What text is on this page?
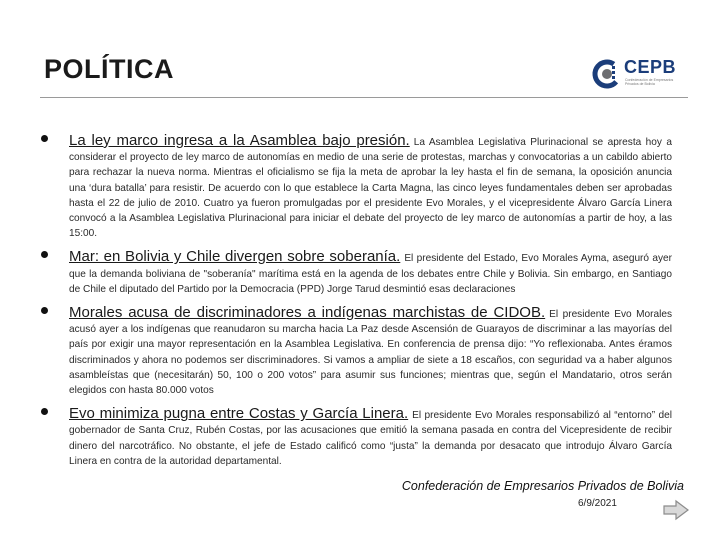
POLÍTICA	CEPB
Confederación de Empresarios Privados de Bolivia
La ley marco ingresa a la Asamblea bajo presión. La Asamblea Legislativa Plurinacional se apresta hoy a considerar el proyecto de ley marco de autonomías en medio de una serie de protestas, marchas y convocatorias a un cabildo abierto para rechazar la nueva norma. Mientras el oficialismo se fija la meta de aprobar la ley hasta el fin de semana, la oposición anuncia una ‘dura batalla’ para resistir. De acuerdo con lo que establece la Carta Magna, las cinco leyes fundamentales deben ser aprobadas hasta el 22 de julio de 2010. Cuatro ya fueron promulgadas por el presidente Evo Morales, y el vicepresidente Álvaro García Linera convocó a la Asamblea Legislativa Plurinacional para iniciar el debate del proyecto de ley marco de autonomías a partir de hoy, a las 15:00.
Mar: en Bolivia y Chile divergen sobre soberanía. El presidente del Estado, Evo Morales Ayma, aseguró ayer que la demanda boliviana de "soberanía" marítima está en la agenda de los debates entre Chile y Bolivia. Sin embargo, en Santiago de Chile el diputado del Partido por la Democracia (PPD) Jorge Tarud desmintió esas declaraciones
Morales acusa de discriminadores a indígenas marchistas de CIDOB. El presidente Evo Morales acusó ayer a los indígenas que reanudaron su marcha hacia La Paz desde Ascensión de Guarayos de discriminar a las mayorías del país por exigir una mayor representación en la Asamblea Legislativa. En conferencia de prensa dijo: “Yo reflexionaba. Antes éramos discriminados y ahora no podemos ser discriminadores. Si vamos a ampliar de siete a 18 escaños, con seguridad va a haber algunos asambleístas que (necesitarán) 50, 100 o 200 votos” para asumir sus funciones; mientras que, según el Mandatario, otros serán elegidos con hasta 80.000 votos
Evo minimiza pugna entre Costas y García Linera. El presidente Evo Morales responsabilizó al “entorno” del gobernador de Santa Cruz, Rubén Costas, por las acusaciones que emitió la semana pasada en contra del Vicepresidente de recibir dinero del narcotráfico. No obstante, el jefe de Estado calificó como “justa” la demanda por desacato que introdujo Álvaro García Linera en contra de la autoridad departamental.
Confederación de Empresarios Privados de Bolivia
6/9/2021
